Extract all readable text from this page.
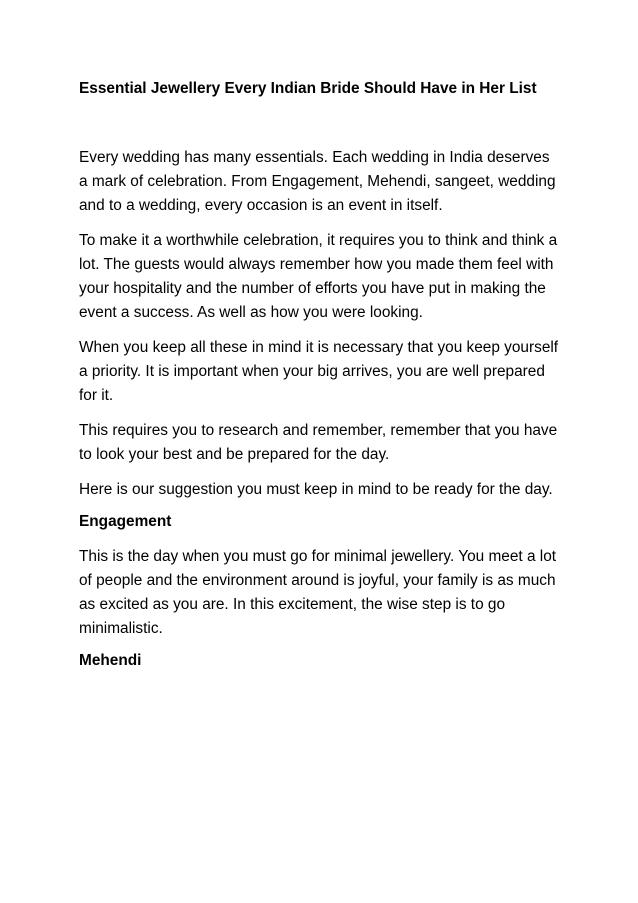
Essential Jewellery Every Indian Bride Should Have in Her List

Every wedding has many essentials. Each wedding in India deserves a mark of celebration. From Engagement, Mehendi, sangeet, wedding and to a wedding, every occasion is an event in itself.

To make it a worthwhile celebration, it requires you to think and think a lot. The guests would always remember how you made them feel with your hospitality and the number of efforts you have put in making the event a success. As well as how you were looking.

When you keep all these in mind it is necessary that you keep yourself a priority. It is important when your big arrives, you are well prepared for it.

This requires you to research and remember, remember that you have to look your best and be prepared for the day.

Here is our suggestion you must keep in mind to be ready for the day.

Engagement

This is the day when you must go for minimal jewellery. You meet a lot of people and the environment around is joyful, your family is as much as excited as you are. In this excitement, the wise step is to go minimalistic.

Mehendi
